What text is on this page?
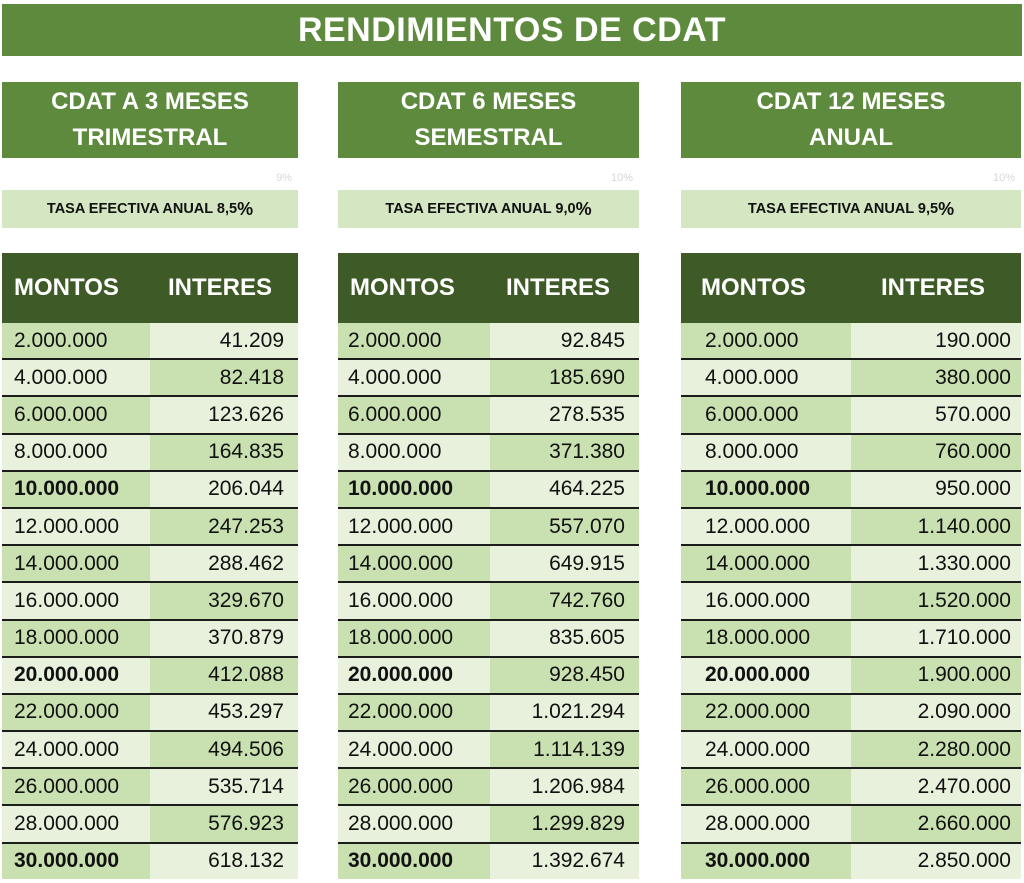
RENDIMIENTOS DE CDAT
CDAT A 3 MESES
TRIMESTRAL
9%
TASA EFECTIVA ANUAL 8,5 %
MONTOS INTERES
2.000.000	41.209
4.000.000	82.418
6.000.000	123.626
8.000.000	164.835
10.000.000	206.044
12.000.000	247.253
14.000.000	288.462
16.000.000	329.670
18.000.000	370.879
20.000.000	412.088
22.000.000	453.297
24.000.000	494.506
26.000.000	535.714
28.000.000	576.923
30.000.000	618.132
CDAT 6 MESES
SEMESTRAL
10%
TASA EFECTIVA ANUAL 9,0 %
MONTOS INTERES
2.000.000	92.845
4.000.000	185.690
6.000.000	278.535
8.000.000	371.380
10.000.000	464.225
12.000.000	557.070
14.000.000	649.915
16.000.000	742.760
18.000.000	835.605
20.000.000	928.450
22.000.000	1.021.294
24.000.000	1.114.139
26.000.000	1.206.984
28.000.000	1.299.829
30.000.000	1.392.674
CDAT 12 MESES
ANUAL
10%
TASA EFECTIVA ANUAL 9,5 %
MONTOS	INTERES
2.000.000	190.000
4.000.000	380.000
6.000.000	570.000
8.000.000	760.000
10.000.000	950.000
12.000.000	1.140.000
14.000.000	1.330.000
16.000.000	1.520.000
18.000.000	1.710.000
20.000.000	1.900.000
22.000.000	2.090.000
24.000.000	2.280.000
26.000.000	2.470.000
28.000.000	2.660.000
30.000.000	2.850.000
